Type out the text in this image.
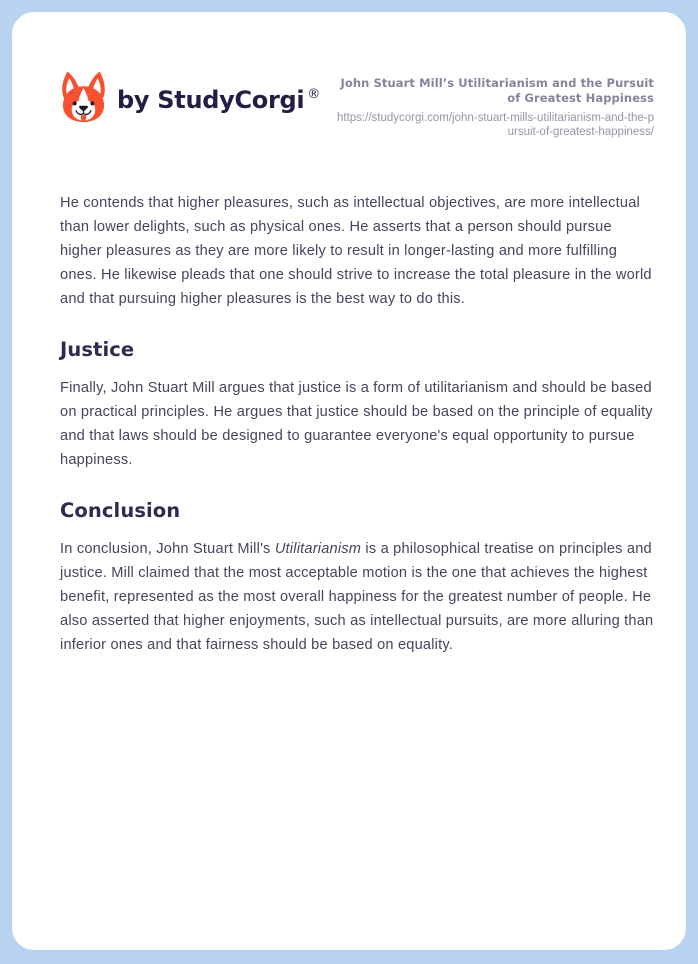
by StudyCorgi ®
John Stuart Mill’s Utilitarianism and the Pursuit of Greatest Happiness
https://studycorgi.com/john-stuart-mills-utilitarianism-and-the-pursuit-of-greatest-happiness/

He contends that higher pleasures, such as intellectual objectives, are more intellectual than lower delights, such as physical ones. He asserts that a person should pursue higher pleasures as they are more likely to result in longer-lasting and more fulfilling ones. He likewise pleads that one should strive to increase the total pleasure in the world and that pursuing higher pleasures is the best way to do this.

Justice

Finally, John Stuart Mill argues that justice is a form of utilitarianism and should be based on practical principles. He argues that justice should be based on the principle of equality and that laws should be designed to guarantee everyone's equal opportunity to pursue happiness.

Conclusion

In conclusion, John Stuart Mill's Utilitarianism is a philosophical treatise on principles and justice. Mill claimed that the most acceptable motion is the one that achieves the highest benefit, represented as the most overall happiness for the greatest number of people. He also asserted that higher enjoyments, such as intellectual pursuits, are more alluring than inferior ones and that fairness should be based on equality.
